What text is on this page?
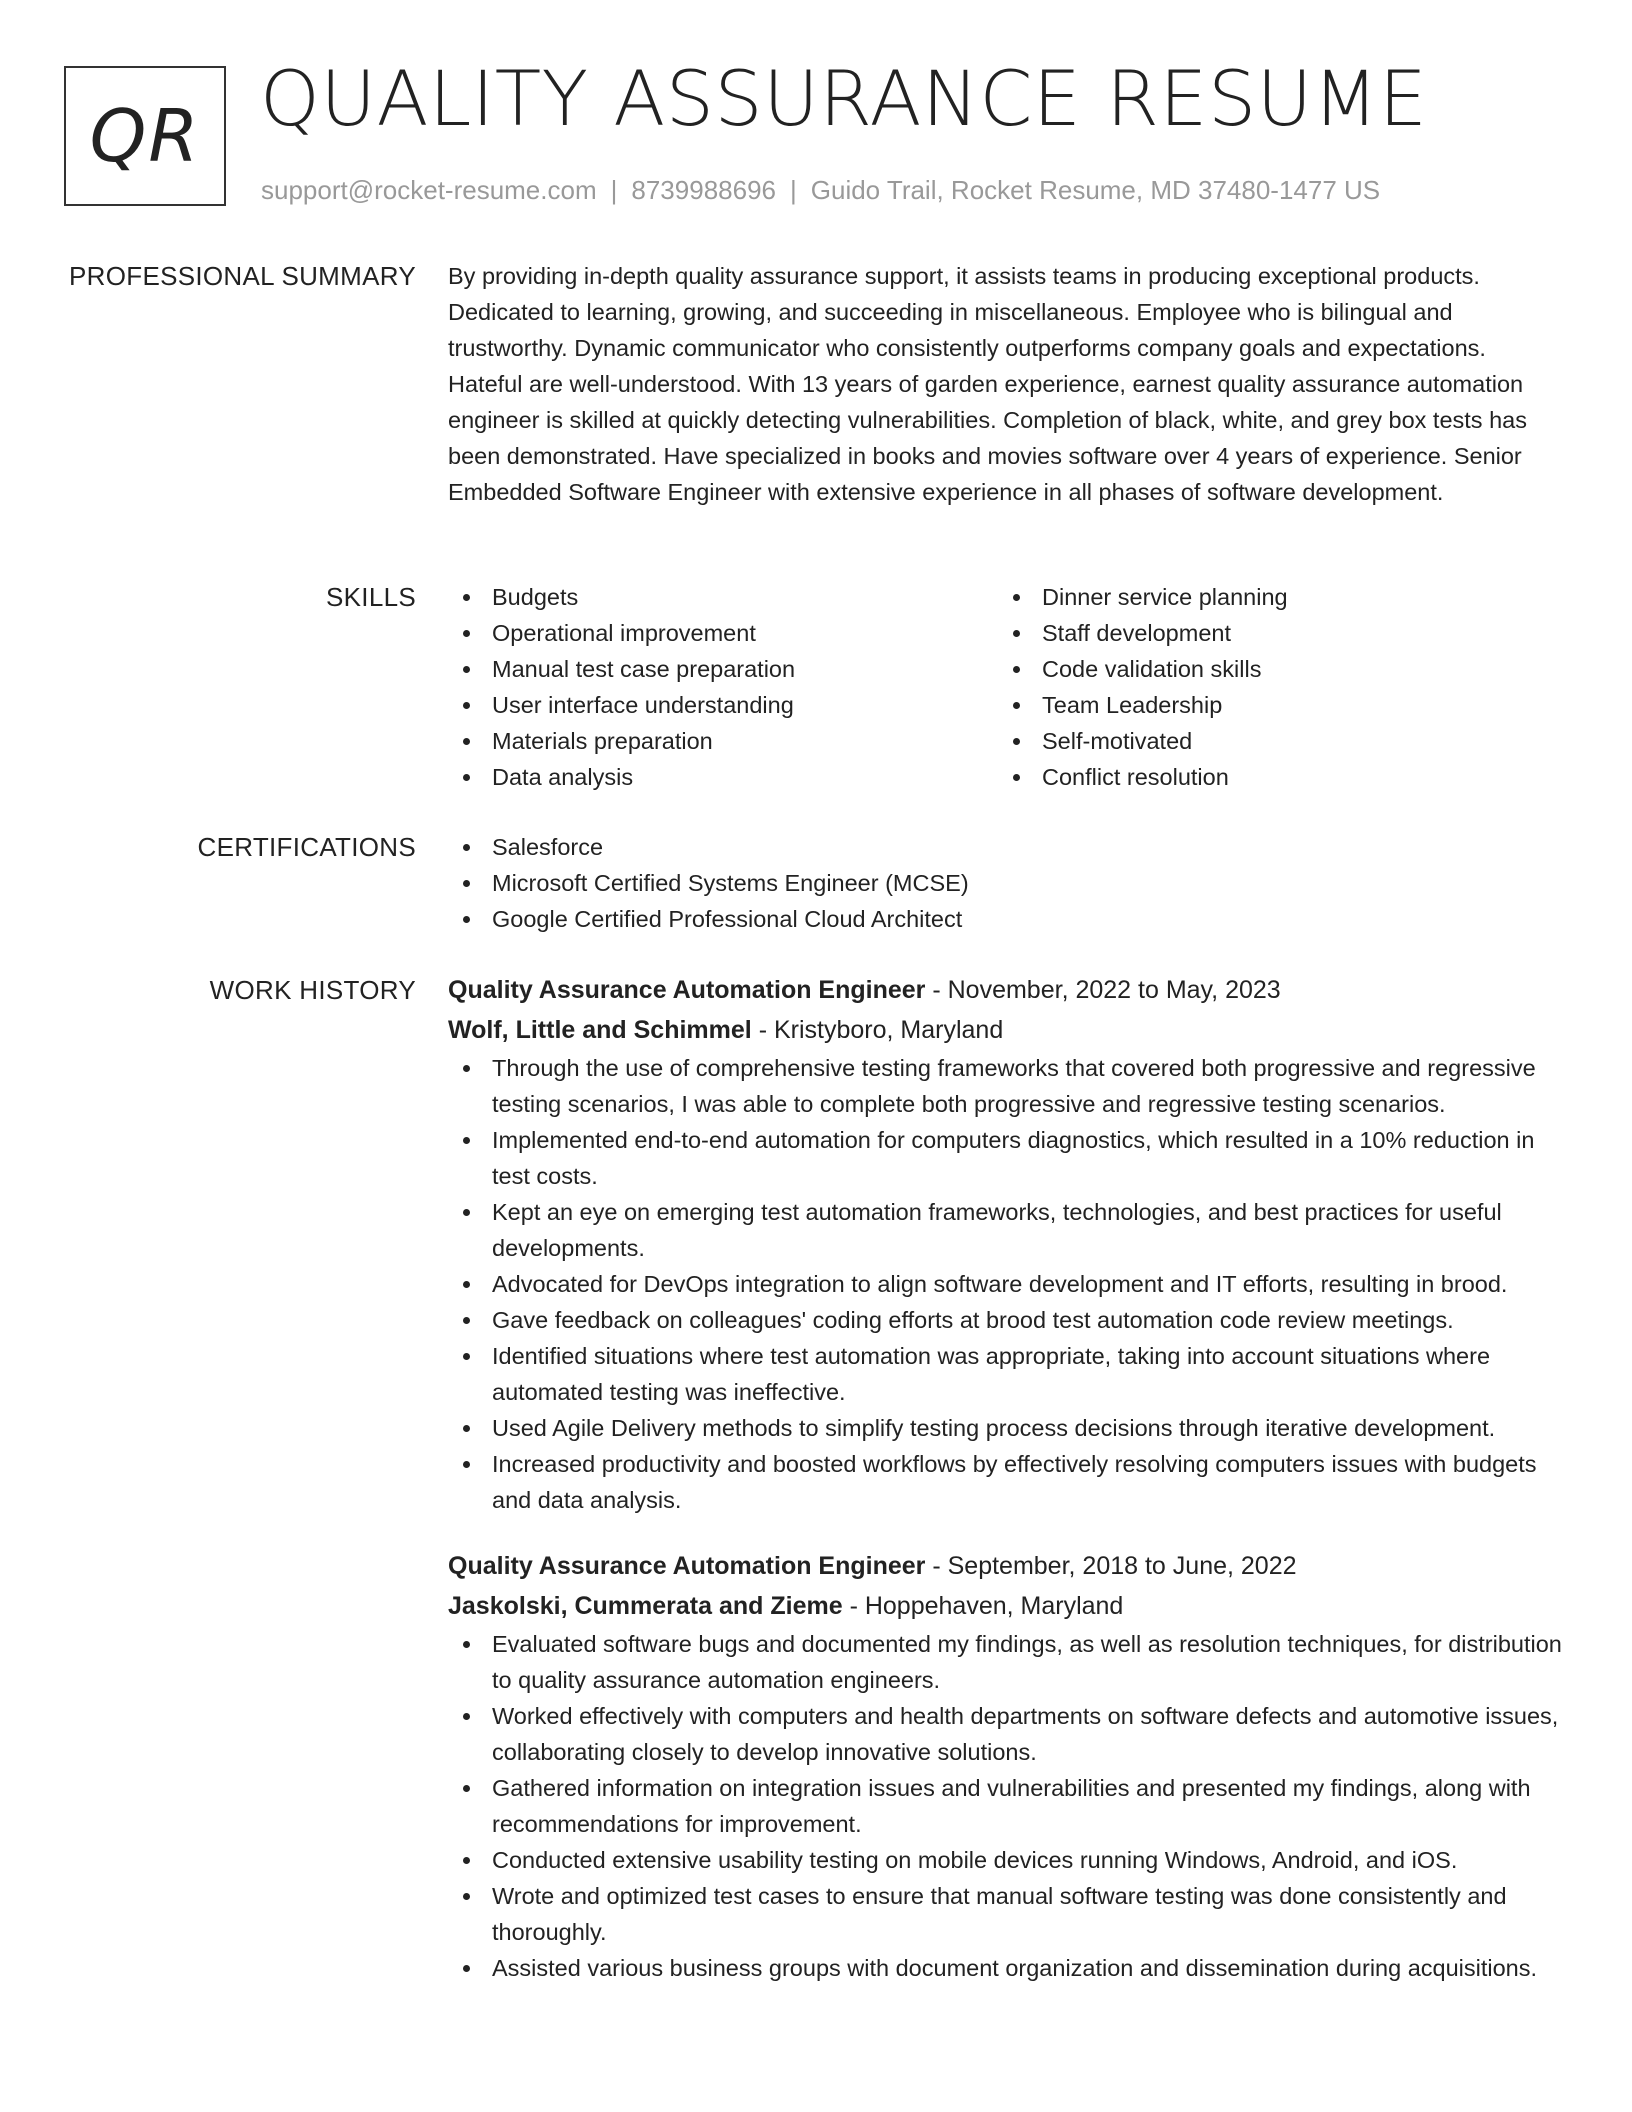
QR QUALITY ASSURANCE RESUME
support@rocket-resume.com | 8739988696 | Guido Trail, Rocket Resume, MD 37480-1477 US
PROFESSIONAL SUMMARY By providing in-depth quality assurance support, it assists teams in producing exceptional products. Dedicated to learning, growing, and succeeding in miscellaneous. Employee who is bilingual and trustworthy. Dynamic communicator who consistently outperforms company goals and expectations. Hateful are well-understood. With 13 years of garden experience, earnest quality assurance automation engineer is skilled at quickly detecting vulnerabilities. Completion of black, white, and grey box tests has been demonstrated. Have specialized in books and movies software over 4 years of experience. Senior Embedded Software Engineer with extensive experience in all phases of software development.

SKILLS	Budgets
Operational improvement
Manual test case preparation
User interface understanding
Materials preparation
Data analysis
Dinner service planning
Staff development
Code validation skills
Team Leadership
Self-motivated
Conflict resolution
CERTIFICATIONS	Salesforce
Microsoft Certified Systems Engineer (MCSE)
Google Certified Professional Cloud Architect
WORK HISTORY Quality Assurance Automation Engineer - November, 2022 to May, 2023
Wolf, Little and Schimmel - Kristyboro, Maryland
Through the use of comprehensive testing frameworks that covered both progressive and regressive testing scenarios, I was able to complete both progressive and regressive testing scenarios.
Implemented end-to-end automation for computers diagnostics, which resulted in a 10% reduction in test costs.
Kept an eye on emerging test automation frameworks, technologies, and best practices for useful developments.
Advocated for DevOps integration to align software development and IT efforts, resulting in brood.
Gave feedback on colleagues' coding efforts at brood test automation code review meetings.
Identified situations where test automation was appropriate, taking into account situations where automated testing was ineffective.
Used Agile Delivery methods to simplify testing process decisions through iterative development.
Increased productivity and boosted workflows by effectively resolving computers issues with budgets and data analysis.
Quality Assurance Automation Engineer - September, 2018 to June, 2022
Jaskolski, Cummerata and Zieme - Hoppehaven, Maryland
Evaluated software bugs and documented my findings, as well as resolution techniques, for distribution to quality assurance automation engineers.
Worked effectively with computers and health departments on software defects and automotive issues, collaborating closely to develop innovative solutions.
Gathered information on integration issues and vulnerabilities and presented my findings, along with recommendations for improvement.
Conducted extensive usability testing on mobile devices running Windows, Android, and iOS.
Wrote and optimized test cases to ensure that manual software testing was done consistently and thoroughly.
Assisted various business groups with document organization and dissemination during acquisitions.
